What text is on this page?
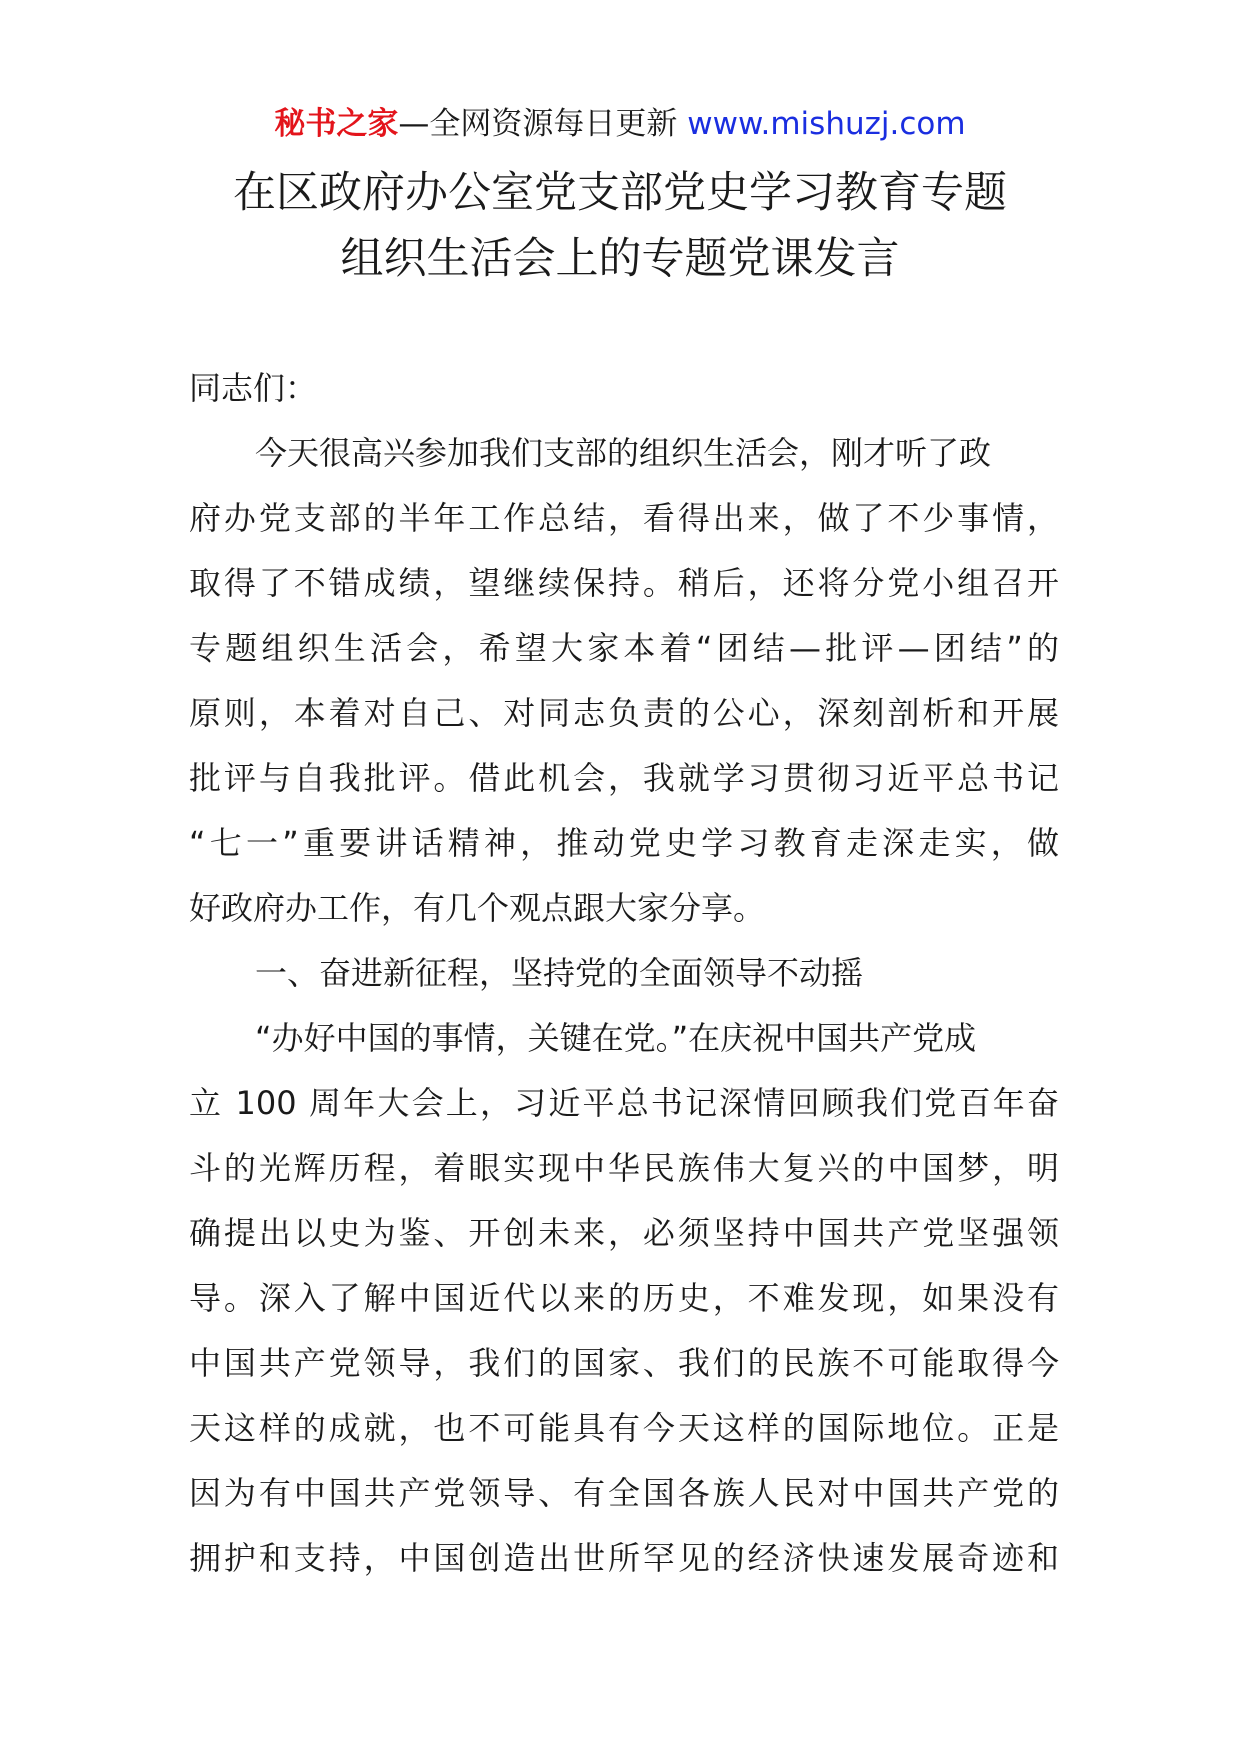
秘书之家—全网资源每日更新 www.mishuzj.com
在区政府办公室党支部党史学习教育专题
组织生活会上的专题党课发言
同志们：
今天很高兴参加我们支部的组织生活会，刚才听了政
府办党支部的半年工作总结，看得出来，做了不少事情，
取得了不错成绩，望继续保持。稍后，还将分党小组召开
专题组织生活会，希望大家本着“团结—批评—团结”的
原则，本着对自己、对同志负责的公心，深刻剖析和开展
批评与自我批评。借此机会，我就学习贯彻习近平总书记
“七一”重要讲话精神，推动党史学习教育走深走实，做
好政府办工作，有几个观点跟大家分享。
一、奋进新征程，坚持党的全面领导不动摇
“办好中国的事情，关键在党。”在庆祝中国共产党成
立 100 周年大会上，习近平总书记深情回顾我们党百年奋
斗的光辉历程，着眼实现中华民族伟大复兴的中国梦，明
确提出以史为鉴、开创未来，必须坚持中国共产党坚强领
导。深入了解中国近代以来的历史，不难发现，如果没有
中国共产党领导，我们的国家、我们的民族不可能取得今
天这样的成就，也不可能具有今天这样的国际地位。正是
因为有中国共产党领导、有全国各族人民对中国共产党的
拥护和支持，中国创造出世所罕见的经济快速发展奇迹和
